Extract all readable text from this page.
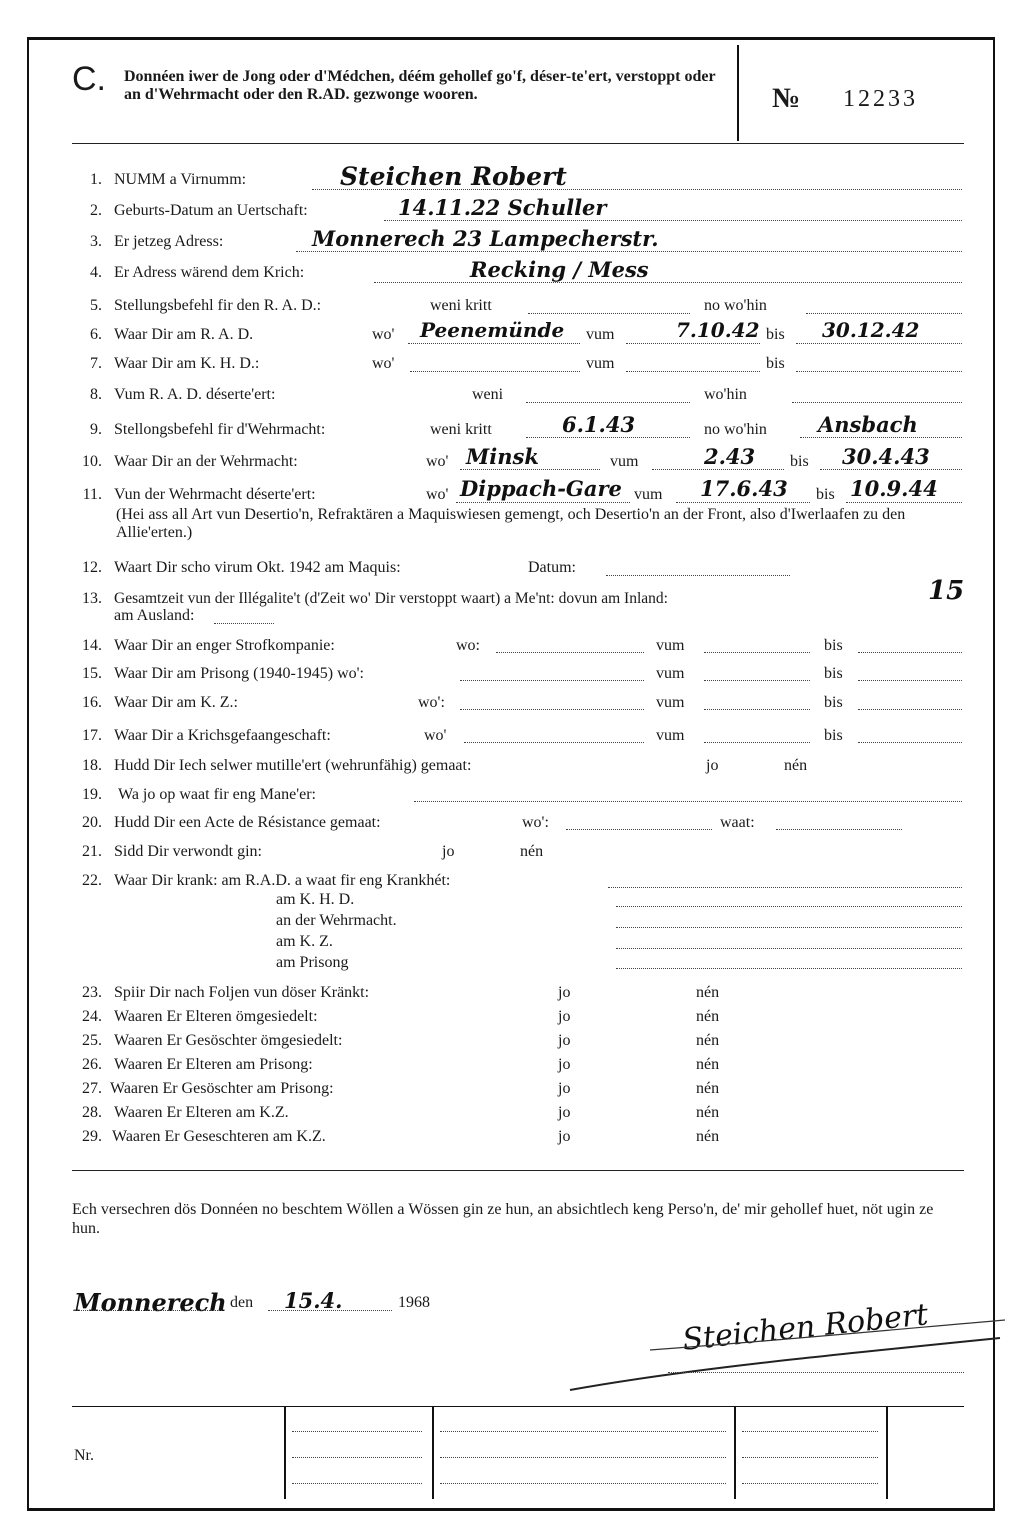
C. Donnéen iwer de Jong oder d'Médchen, déém gehollef go'f, déser-te'ert, verstoppt oder an d'Wehrmacht oder den R.AD. gezwonge wooren.	№ 12233
1. NUMM a Virnumm:	Steichen Robert
2. Geburts-Datum an Uertschaft:	14.11.22 Schuller
3. Er jetzeg Adress:	Monnerech 23 Lampecherstr.
4. Er Adress wärend dem Krich:	Recking / Mess
5. Stellungsbefehl fir den R. A. D.:	weni kritt	no wo'hin
6. Waar Dir am R. A. D.	wo' Peenemünde vum	7.10.42 bis 30.12.42
7. Waar Dir am K. H. D.:	wo'	vum	bis
8. Vum R. A. D. déserte'ert:	weni	wo'hin
9. Stellongsbefehl fir d'Wehrmacht:	weni kritt	6.1.43	no wo'hin Ansbach
10. Waar Dir an der Wehrmacht:	wo' Minsk	vum	2.43 bis 30.4.43
11. Vun der Wehrmacht déserte'ert:	wo' Dippach-Gare vum 17.6.43 bis 10.9.44
(Hei ass all Art vun Desertio'n, Refraktären a Maquiswiesen gemengt, och Desertio'n an der Front, also d'Iwerlaafen zu den Allie'erten.)
12. Waart Dir scho virum Okt. 1942 am Maquis:	Datum:
13. Gesamtzeit vun der Illégalite't (d'Zeit wo' Dir verstoppt waart) a Me'nt: dovun am Inland:	15
am Ausland:
14. Waar Dir an enger Strofkompanie:	wo:	vum	bis
15. Waar Dir am Prisong (1940-1945) wo':	vum	bis
16. Waar Dir am K. Z.:	wo':	vum	bis
17. Waar Dir a Krichsgefaangeschaft:	wo'	vum	bis
18. Hudd Dir Iech selwer mutille'ert (wehrunfähig) gemaat:	jo	nén
19. Wa jo op waat fir eng Mane'er:
20. Hudd Dir een Acte de Résistance gemaat:	wo':	waat:
21. Sidd Dir verwondt gin:	jo	nén
22. Waar Dir krank: am R.A.D. a waat fir eng Krankhét:
am K. H. D.
an der Wehrmacht.
am K. Z.
am Prisong
23. Spiir Dir nach Foljen vun döser Kränkt:	jo	nén
24. Waaren Er Elteren ömgesiedelt:	jo	nén
25. Waaren Er Gesöschter ömgesiedelt:	jo	nén
26. Waaren Er Elteren am Prisong:	jo	nén
27. Waaren Er Gesöschter am Prisong:	jo	nén
28. Waaren Er Elteren am K.Z.	jo	nén
29. Waaren Er Geseschteren am K.Z.	jo	nén
Ech versechren dös Donnéen no beschtem Wöllen a Wössen gin ze hun, an absichtlech keng Perso'n, de' mir gehollef huet, nöt ugin ze hun.
Monnerech den 15.4.	1968	Steichen Robert
Nr.
